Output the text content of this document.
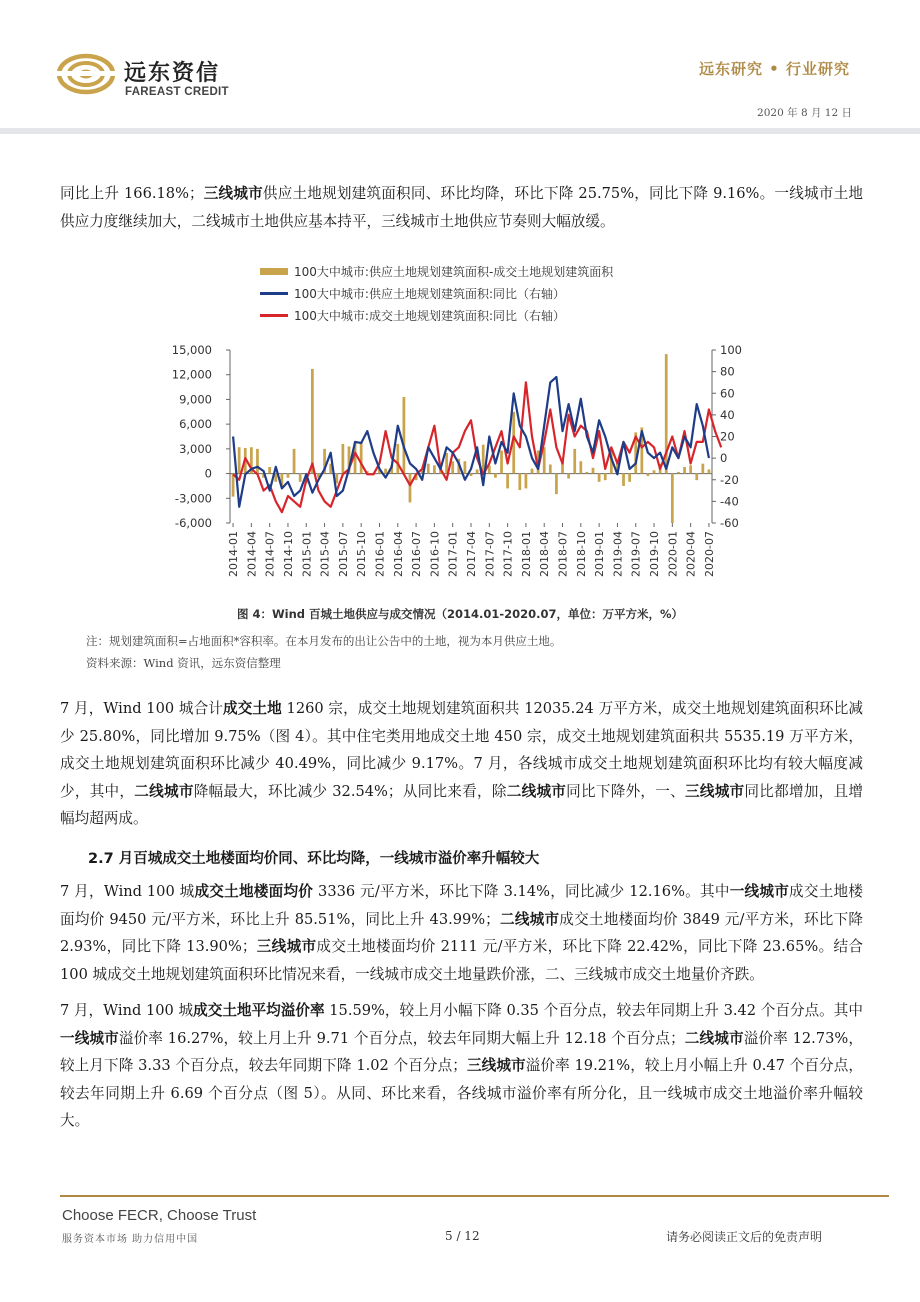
远东资信
FAREAST CREDIT
远东研究 • 行业研究
2020 年 8 月 12 日
同比上升 166.18%；三线城市供应土地规划建筑面积同、环比均降，环比下降 25.75%，同比下降 9.16%。一线城市土地供应力度继续加大，二线城市土地供应基本持平，三线城市土地供应节奏则大幅放缓。
100大中城市:供应土地规划建筑面积-成交土地规划建筑面积
100大中城市:供应土地规划建筑面积:同比（右轴）
100大中城市:成交土地规划建筑面积:同比（右轴）
15,000
12,000
9,000
6,000
3,000
0
-3,000
-6,000
100
80
60
40
20
0
-20
-40
-60
2014-01 2014-04 2014-07 2014-10 2015-01 2015-04 2015-07 2015-10 2016-01 2016-04 2016-07 2016-10 2017-01 2017-04 2017-07 2017-10 2018-01 2018-04 2018-07 2018-10 2019-01 2019-04 2019-07 2019-10 2020-01 2020-04 2020-07
图 4：Wind 百城土地供应与成交情况（2014.01-2020.07，单位：万平方米，%）
注：规划建筑面积=占地面积*容积率。在本月发布的出让公告中的土地，视为本月供应土地。
资料来源：Wind 资讯，远东资信整理
7 月，Wind 100 城合计成交土地 1260 宗，成交土地规划建筑面积共 12035.24 万平方米，成交土地规划建筑面积环比减少 25.80%，同比增加 9.75%（图 4）。其中住宅类用地成交土地 450 宗，成交土地规划建筑面积共 5535.19 万平方米，成交土地规划建筑面积环比减少 40.49%，同比减少 9.17%。7 月，各线城市成交土地规划建筑面积环比均有较大幅度减少，其中，二线城市降幅最大，环比减少 32.54%；从同比来看，除二线城市同比下降外，一、三线城市同比都增加，且增幅均超两成。
2.7 月百城成交土地楼面均价同、环比均降，一线城市溢价率升幅较大
7 月，Wind 100 城成交土地楼面均价 3336 元/平方米，环比下降 3.14%，同比减少 12.16%。其中一线城市成交土地楼面均价 9450 元/平方米，环比上升 85.51%，同比上升 43.99%；二线城市成交土地楼面均价 3849 元/平方米，环比下降 2.93%，同比下降 13.90%；三线城市成交土地楼面均价 2111 元/平方米，环比下降 22.42%，同比下降 23.65%。结合 100 城成交土地规划建筑面积环比情况来看，一线城市成交土地量跌价涨，二、三线城市成交土地量价齐跌。
7 月，Wind 100 城成交土地平均溢价率 15.59%，较上月小幅下降 0.35 个百分点，较去年同期上升 3.42 个百分点。其中一线城市溢价率 16.27%，较上月上升 9.71 个百分点，较去年同期大幅上升 12.18 个百分点；二线城市溢价率 12.73%，较上月下降 3.33 个百分点，较去年同期下降 1.02 个百分点；三线城市溢价率 19.21%，较上月小幅上升 0.47 个百分点，较去年同期上升 6.69 个百分点（图 5）。从同、环比来看，各线城市溢价率有所分化，且一线城市成交土地溢价率升幅较大。
Choose FECR, Choose Trust
服务资本市场 助力信用中国	5 / 12	请务必阅读正文后的免责声明
